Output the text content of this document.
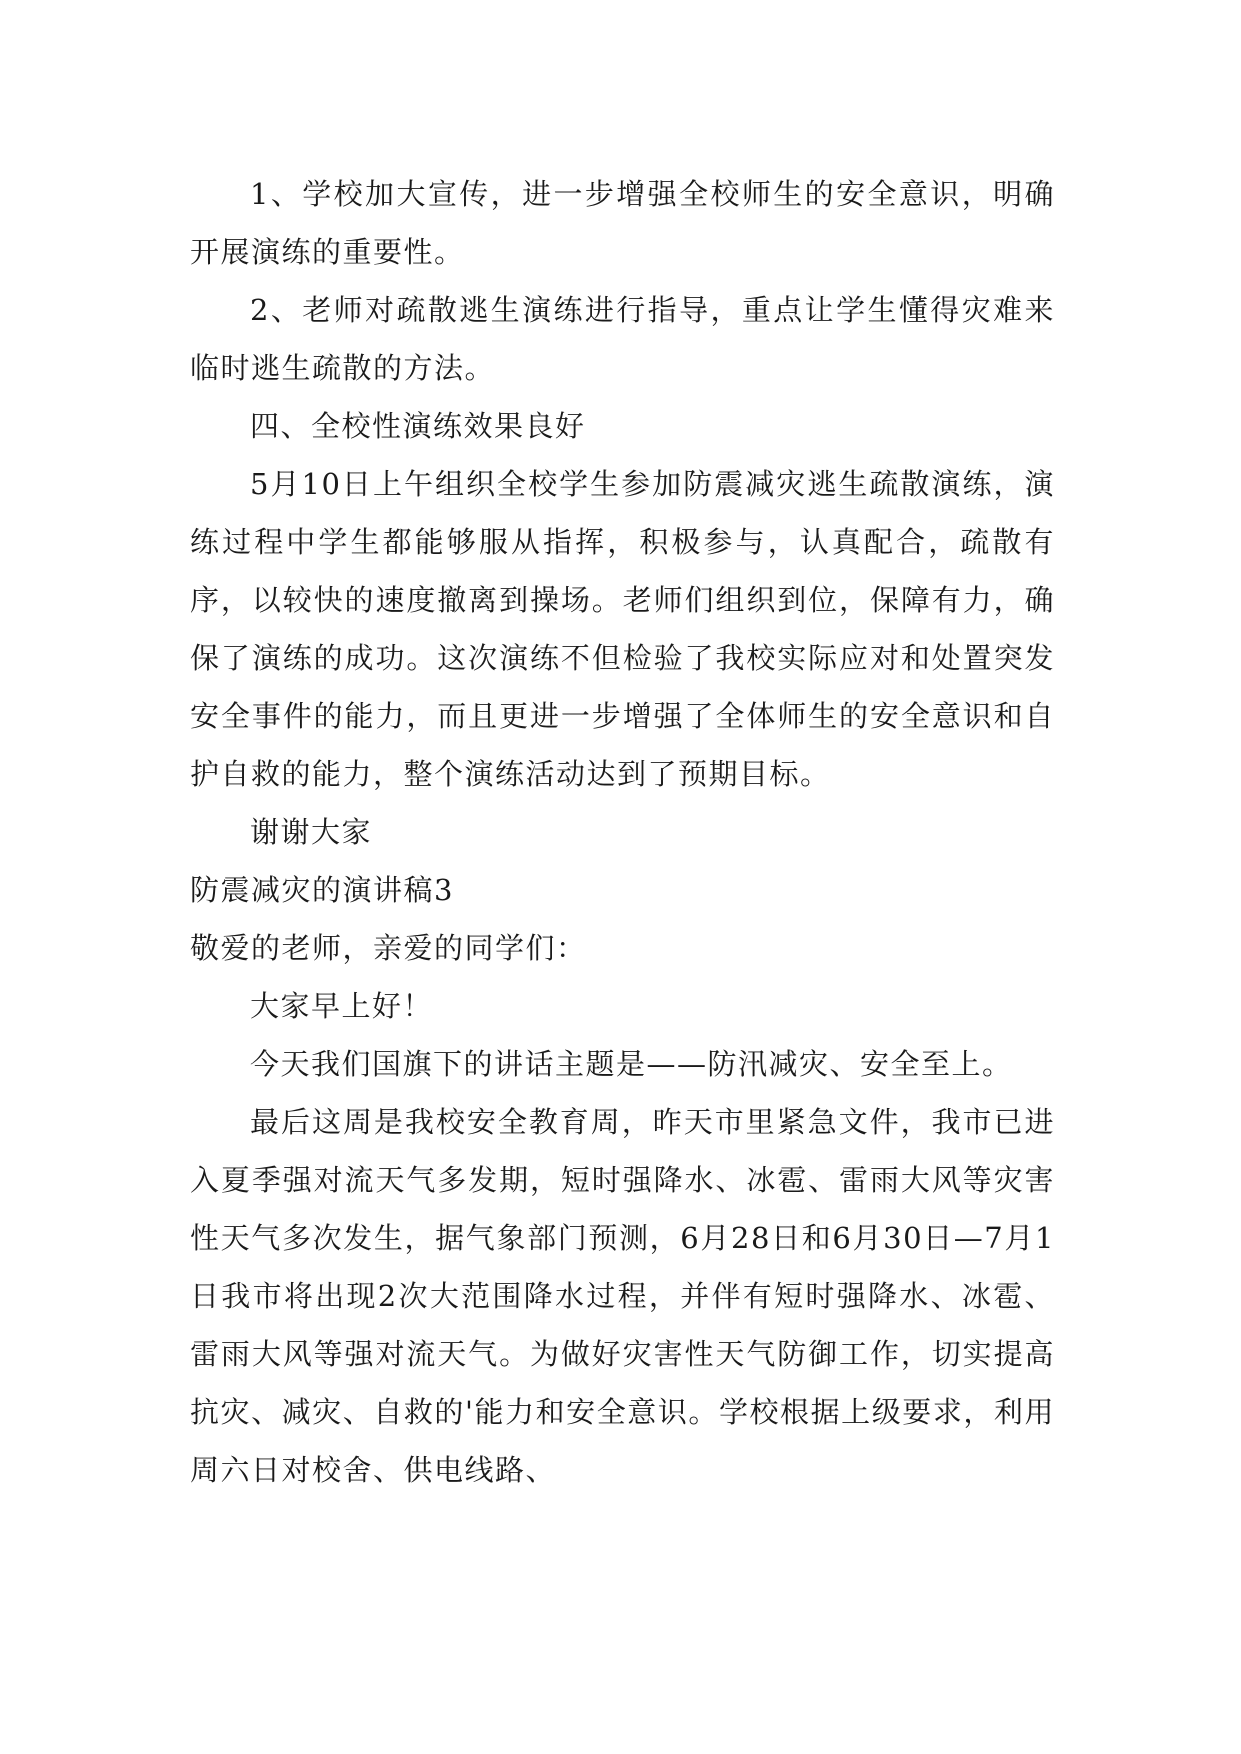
1、学校加大宣传，进一步增强全校师生的安全意识，明确开展演练的重要性。

2、老师对疏散逃生演练进行指导，重点让学生懂得灾难来临时逃生疏散的方法。

四、全校性演练效果良好

5月10日上午组织全校学生参加防震减灾逃生疏散演练，演练过程中学生都能够服从指挥，积极参与，认真配合，疏散有序，以较快的速度撤离到操场。老师们组织到位，保障有力，确保了演练的成功。这次演练不但检验了我校实际应对和处置突发安全事件的能力，而且更进一步增强了全体师生的安全意识和自护自救的能力，整个演练活动达到了预期目标。

谢谢大家

防震减灾的演讲稿3

敬爱的老师，亲爱的同学们：

大家早上好！

今天我们国旗下的讲话主题是——防汛减灾、安全至上。

最后这周是我校安全教育周，昨天市里紧急文件，我市已进入夏季强对流天气多发期，短时强降水、冰雹、雷雨大风等灾害性天气多次发生，据气象部门预测，6月28日和6月30日—7月1日我市将出现2次大范围降水过程，并伴有短时强降水、冰雹、雷雨大风等强对流天气。为做好灾害性天气防御工作，切实提高抗灾、减灾、自救的'能力和安全意识。学校根据上级要求，利用周六日对校舍、供电线路、
